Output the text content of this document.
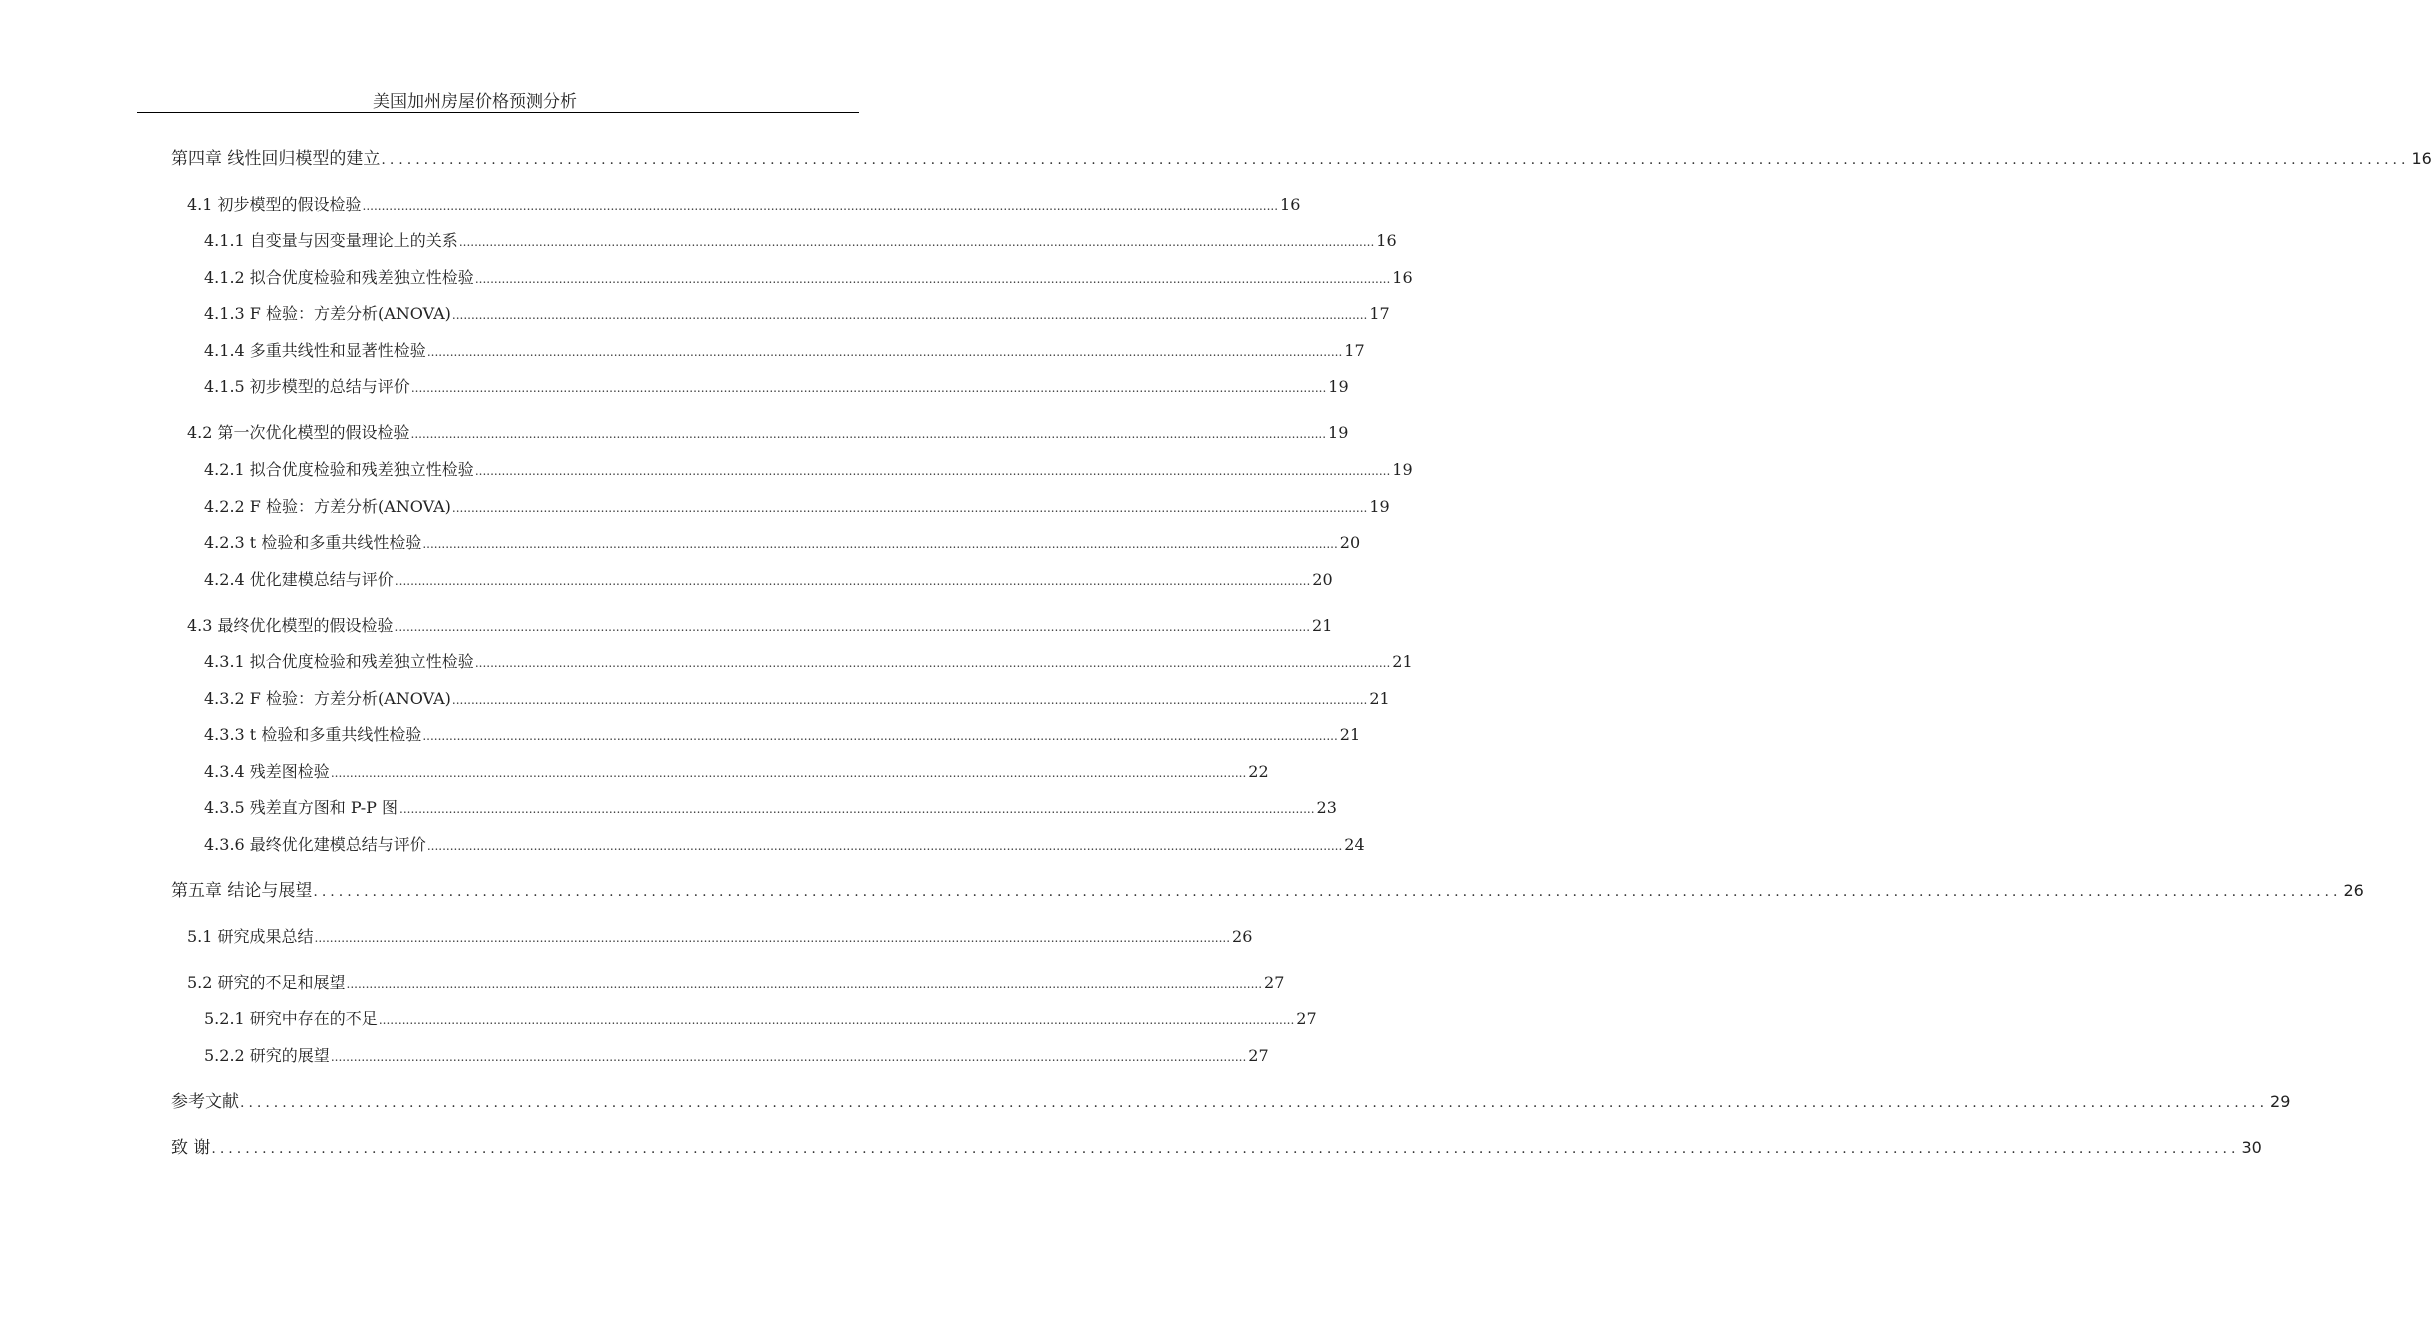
美国加州房屋价格预测分析
第四章 线性回归模型的建立 ................................................................................................................................................................................................................................................ 16
4.1 初步模型的假设检验 ................................................................................................................................................................................................................................................ 16
4.1.1 自变量与因变量理论上的关系 ................................................................................................................................................................................................................................................ 16
4.1.2 拟合优度检验和残差独立性检验 ................................................................................................................................................................................................................................................ 16
4.1.3 F 检验：方差分析(ANOVA) ................................................................................................................................................................................................................................................ 17
4.1.4 多重共线性和显著性检验 ................................................................................................................................................................................................................................................ 17
4.1.5 初步模型的总结与评价 ................................................................................................................................................................................................................................................ 19
4.2 第一次优化模型的假设检验 ................................................................................................................................................................................................................................................ 19
4.2.1 拟合优度检验和残差独立性检验 ................................................................................................................................................................................................................................................ 19
4.2.2 F 检验：方差分析(ANOVA) ................................................................................................................................................................................................................................................ 19
4.2.3 t 检验和多重共线性检验 ................................................................................................................................................................................................................................................ 20
4.2.4 优化建模总结与评价 ................................................................................................................................................................................................................................................ 20
4.3 最终优化模型的假设检验 ................................................................................................................................................................................................................................................ 21
4.3.1 拟合优度检验和残差独立性检验 ................................................................................................................................................................................................................................................ 21
4.3.2 F 检验：方差分析(ANOVA) ................................................................................................................................................................................................................................................ 21
4.3.3 t 检验和多重共线性检验 ................................................................................................................................................................................................................................................ 21
4.3.4 残差图检验 ................................................................................................................................................................................................................................................ 22
4.3.5 残差直方图和 P-P 图 ................................................................................................................................................................................................................................................ 23
4.3.6 最终优化建模总结与评价 ................................................................................................................................................................................................................................................ 24
第五章 结论与展望 ................................................................................................................................................................................................................................................ 26
5.1 研究成果总结 ................................................................................................................................................................................................................................................ 26
5.2 研究的不足和展望 ................................................................................................................................................................................................................................................ 27
5.2.1 研究中存在的不足 ................................................................................................................................................................................................................................................ 27
5.2.2 研究的展望 ................................................................................................................................................................................................................................................ 27
参考文献 ................................................................................................................................................................................................................................................ 29
致 谢 ................................................................................................................................................................................................................................................ 30
